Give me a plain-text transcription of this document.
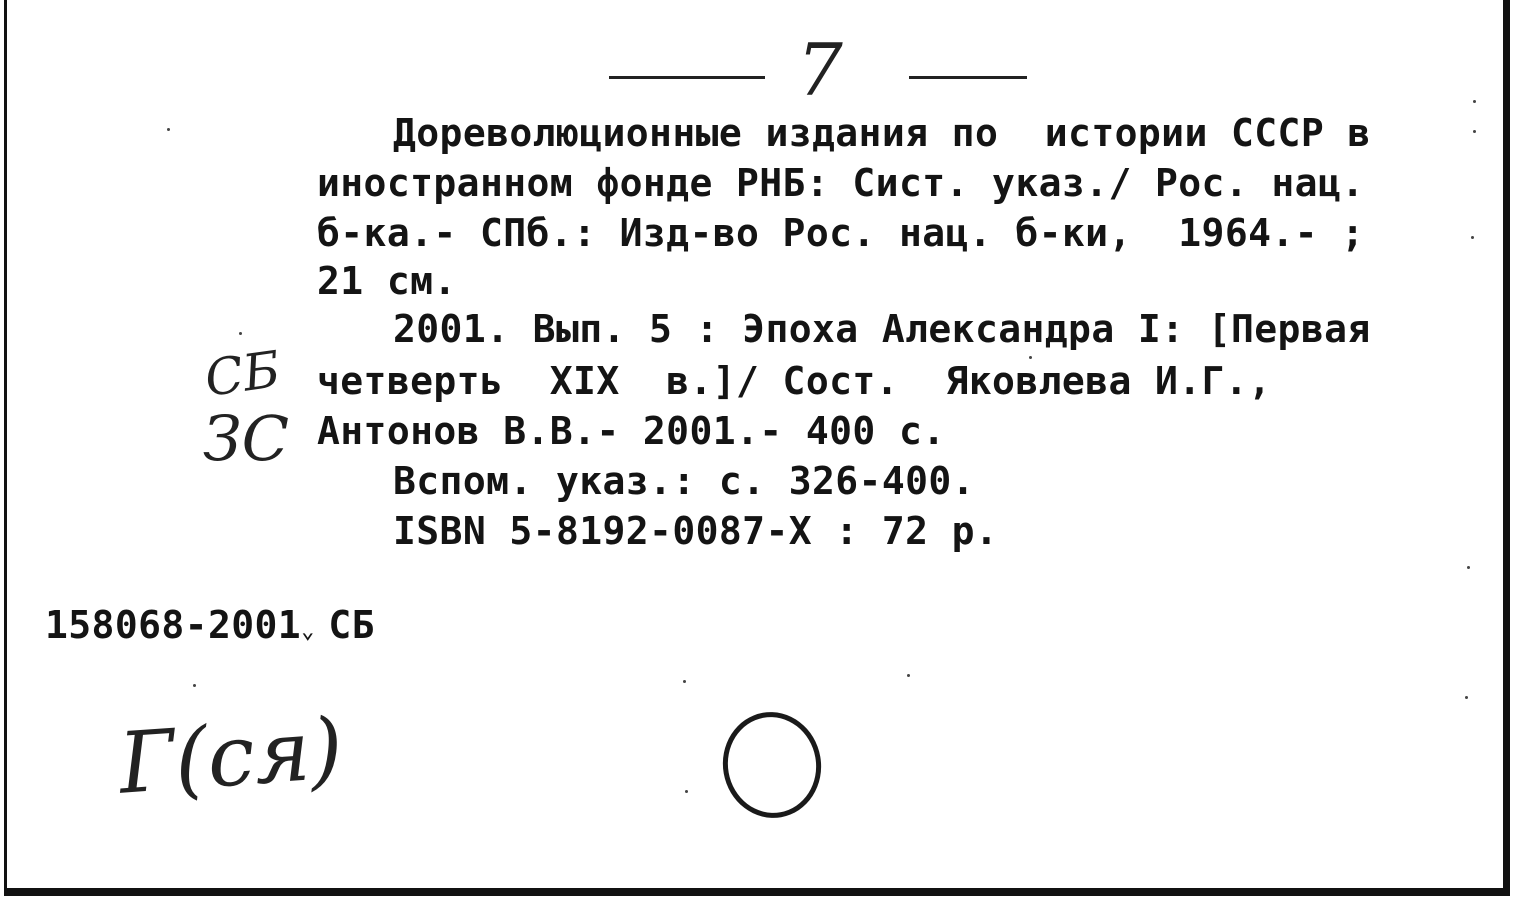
7
Дореволюционные издания по  истории СССР в
иностранном фонде РНБ: Сист. указ./ Рос. нац.
б-ка.- СПб.: Изд-во Рос. нац. б-ки,  1964.- ;
21 см.
2001. Вып. 5 : Эпоха Александра I: [Первая
четверть  XIX  в.]/ Сост.  Яковлева И.Г.,
Антонов В.В.- 2001.- 400 с.
Вспом. указ.: с. 326-400.
ISBN 5-8192-0087-X : 72 р.
158068-2001⌄ СБ
СБ
ЗС
Г(ся)
